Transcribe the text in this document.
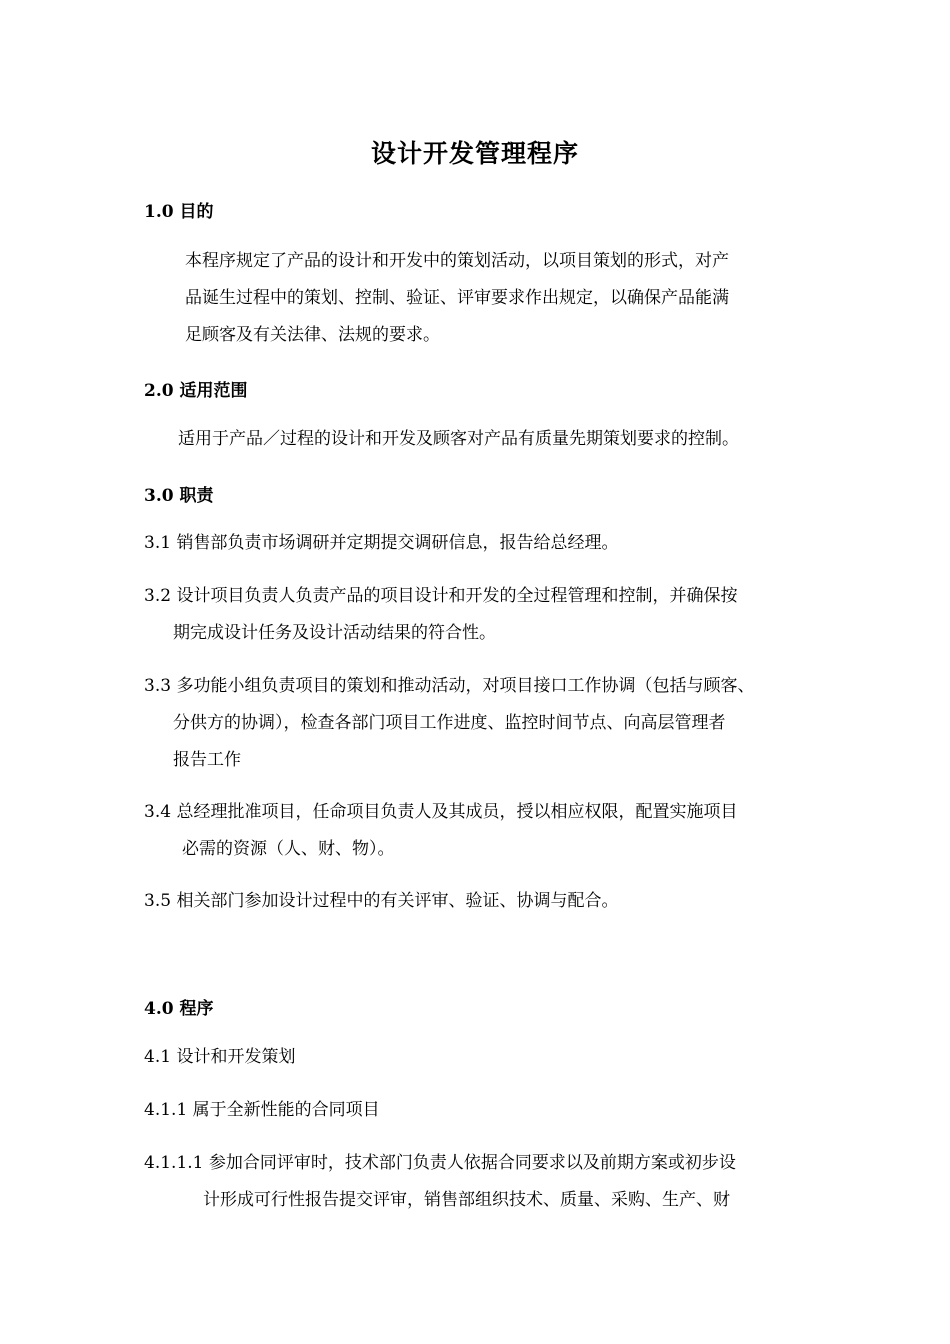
设计开发管理程序
1.0 目的
本程序规定了产品的设计和开发中的策划活动，以项目策划的形式，对产
品诞生过程中的策划、控制、验证、评审要求作出规定，以确保产品能满
足顾客及有关法律、法规的要求。
2.0 适用范围
适用于产品／过程的设计和开发及顾客对产品有质量先期策划要求的控制。
3.0 职责
3.1 销售部负责市场调研并定期提交调研信息，报告给总经理。
3.2 设计项目负责人负责产品的项目设计和开发的全过程管理和控制，并确保按
期完成设计任务及设计活动结果的符合性。
3.3 多功能小组负责项目的策划和推动活动，对项目接口工作协调（包括与顾客、
分供方的协调），检查各部门项目工作进度、监控时间节点、向高层管理者
报告工作
3.4 总经理批准项目，任命项目负责人及其成员，授以相应权限，配置实施项目
必需的资源（人、财、物）。
3.5 相关部门参加设计过程中的有关评审、验证、协调与配合。
4.0 程序
4.1 设计和开发策划
4.1.1 属于全新性能的合同项目
4.1.1.1 参加合同评审时，技术部门负责人依据合同要求以及前期方案或初步设
计形成可行性报告提交评审，销售部组织技术、质量、采购、生产、财
